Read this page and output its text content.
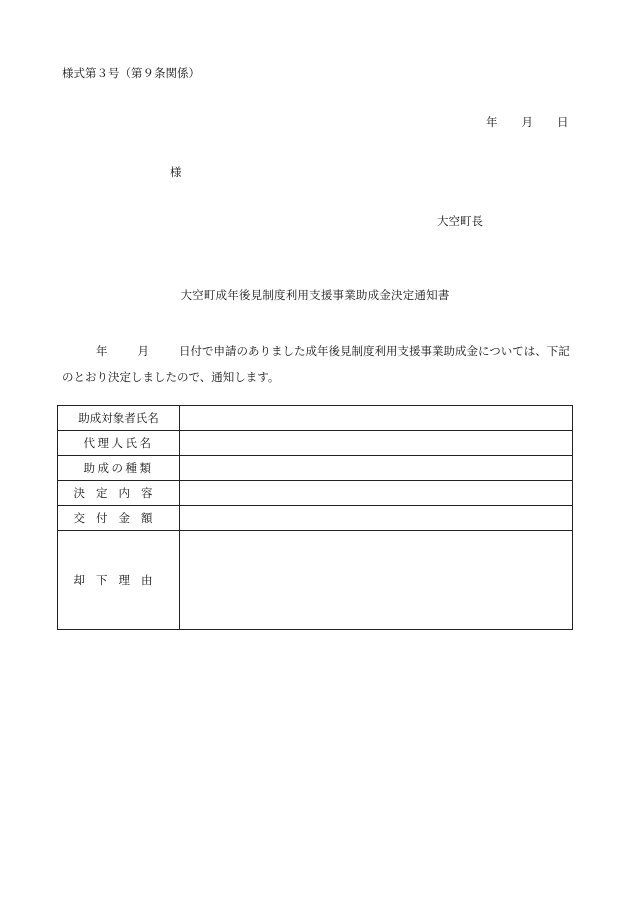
様式第３号（第９条関係）
年 月 日
様
大空町長
大空町成年後見制度利用支援事業助成金決定通知書
年	月	日付で申請のありました成年後見制度利用支援事業助成金については、下記のとおり決定しましたので、通知します。
助成対象者氏名	
代理人氏名	
助成の種類	
決定内容	
交付金額	
却下理由	
